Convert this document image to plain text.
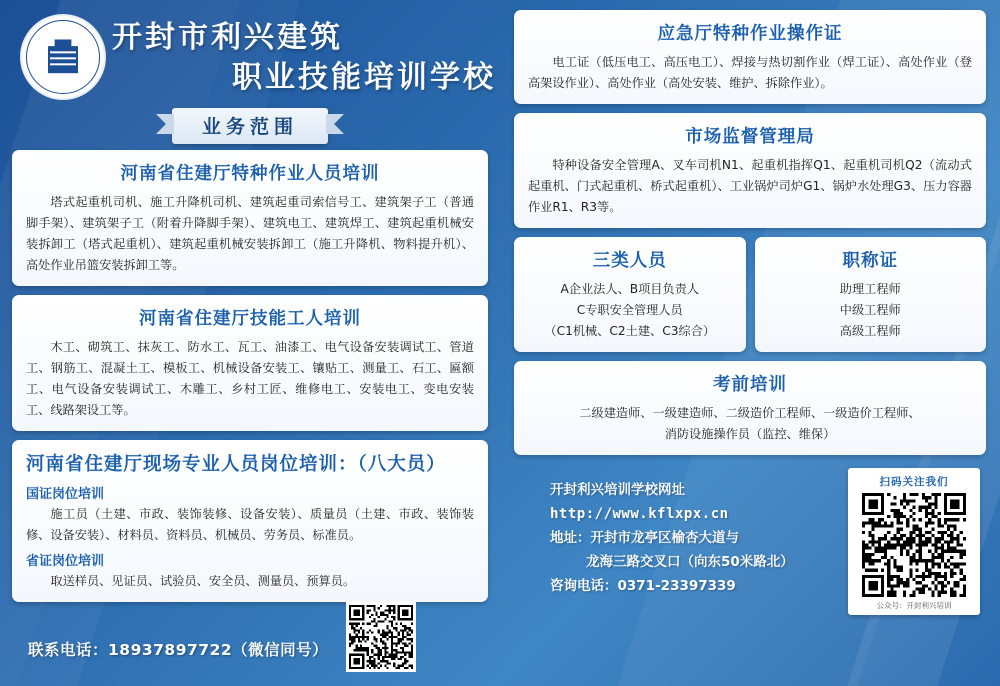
开封市利兴建筑
职业技能培训学校
业务范围
河南省住建厅特种作业人员培训
塔式起重机司机、施工升降机司机、建筑起重司索信号工、建筑架子工（普通脚手架）、建筑架子工（附着升降脚手架）、建筑电工、建筑焊工、建筑起重机械安装拆卸工（塔式起重机）、建筑起重机械安装拆卸工（施工升降机、物料提升机）、高处作业吊篮安装拆卸工等。
河南省住建厅技能工人培训
木工、砌筑工、抹灰工、防水工、瓦工、油漆工、电气设备安装调试工、管道工、钢筋工、混凝土工、模板工、机械设备安装工、镶贴工、测量工、石工、匾额工、电气设备安装调试工、木雕工、乡村工匠、维修电工、安装电工、变电安装工、线路架设工等。
河南省住建厅现场专业人员岗位培训：（八大员）
国证岗位培训
施工员（土建、市政、装饰装修、设备安装）、质量员（土建、市政、装饰装修、设备安装）、材料员、资料员、机械员、劳务员、标准员。
省证岗位培训
取送样员、见证员、试验员、安全员、测量员、预算员。
联系电话：18937897722（微信同号）
应急厅特种作业操作证
电工证（低压电工、高压电工）、焊接与热切割作业（焊工证）、高处作业（登高架设作业）、高处作业（高处安装、维护、拆除作业）。
市场监督管理局
特种设备安全管理A、叉车司机N1、起重机指挥Q1、起重机司机Q2（流动式起重机、门式起重机、桥式起重机）、工业锅炉司炉G1、锅炉水处理G3、压力容器作业R1、R3等。
三类人员
A企业法人、B项目负责人
C专职安全管理人员
（C1机械、C2土建、C3综合）
职称证
助理工程师
中级工程师
高级工程师
考前培训
二级建造师、一级建造师、二级造价工程师、一级造价工程师、
消防设施操作员（监控、维保）
开封利兴培训学校网址
http://www.kflxpx.cn
地址：开封市龙亭区榆杏大道与
龙海三路交叉口（向东50米路北）
咨询电话：0371-23397339
扫码关注我们
公众号：开封利兴培训
